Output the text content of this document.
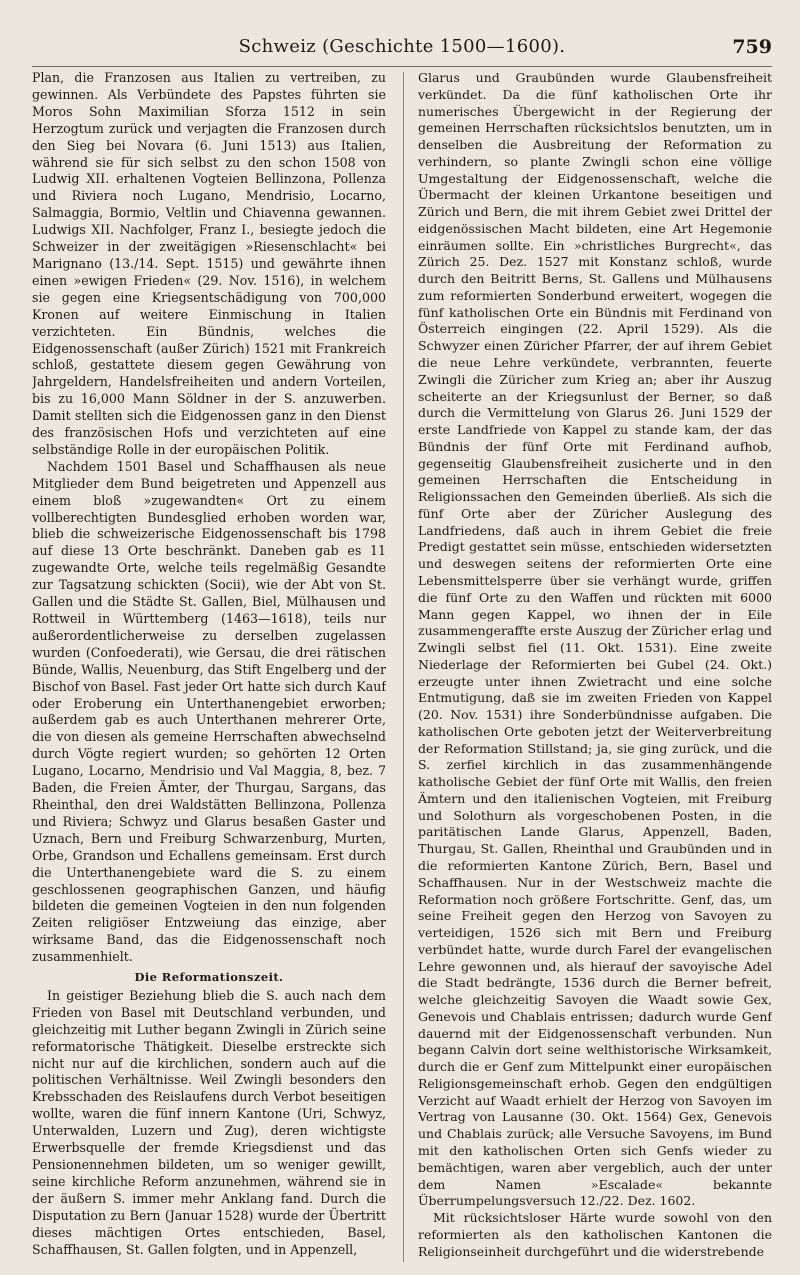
Schweiz (Geschichte 1500—1600).	759

Plan, die Franzosen aus Italien zu vertreiben, zu gewinnen. Als Verbündete des Papstes führten sie Moros Sohn Maximilian Sforza 1512 in sein Herzogtum zurück und verjagten die Franzosen durch den Sieg bei Novara (6. Juni 1513) aus Italien, während sie für sich selbst zu den schon 1508 von Ludwig XII. erhaltenen Vogteien Bellinzona, Pollenza und Riviera noch Lugano, Mendrisio, Locarno, Salmaggia, Bormio, Veltlin und Chiavenna gewannen. Ludwigs XII. Nachfolger, Franz I., besiegte jedoch die Schweizer in der zweitägigen »Riesenschlacht« bei Marignano (13./14. Sept. 1515) und gewährte ihnen einen »ewigen Frieden« (29. Nov. 1516), in welchem sie gegen eine Kriegsentschädigung von 700,000 Kronen auf weitere Einmischung in Italien verzichteten. Ein Bündnis, welches die Eidgenossenschaft (außer Zürich) 1521 mit Frankreich schloß, gestattete diesem gegen Gewährung von Jahrgeldern, Handelsfreiheiten und andern Vorteilen, bis zu 16,000 Mann Söldner in der S. anzuwerben. Damit stellten sich die Eidgenossen ganz in den Dienst des französischen Hofs und verzichteten auf eine selbständige Rolle in der europäischen Politik.

Nachdem 1501 Basel und Schaffhausen als neue Mitglieder dem Bund beigetreten und Appenzell aus einem bloß »zugewandten« Ort zu einem vollberechtigten Bundesglied erhoben worden war, blieb die schweizerische Eidgenossenschaft bis 1798 auf diese 13 Orte beschränkt. Daneben gab es 11 zugewandte Orte, welche teils regelmäßig Gesandte zur Tagsatzung schickten (Socii), wie der Abt von St. Gallen und die Städte St. Gallen, Biel, Mülhausen und Rottweil in Württemberg (1463—1618), teils nur außerordentlicherweise zu derselben zugelassen wurden (Confoederati), wie Gersau, die drei rätischen Bünde, Wallis, Neuenburg, das Stift Engelberg und der Bischof von Basel. Fast jeder Ort hatte sich durch Kauf oder Eroberung ein Unterthanengebiet erworben; außerdem gab es auch Unterthanen mehrerer Orte, die von diesen als gemeine Herrschaften abwechselnd durch Vögte regiert wurden; so gehörten 12 Orten Lugano, Locarno, Mendrisio und Val Maggia, 8, bez. 7 Baden, die Freien Ämter, der Thurgau, Sargans, das Rheinthal, den drei Waldstätten Bellinzona, Pollenza und Riviera; Schwyz und Glarus besaßen Gaster und Uznach, Bern und Freiburg Schwarzenburg, Murten, Orbe, Grandson und Echallens gemeinsam. Erst durch die Unterthanengebiete ward die S. zu einem geschlossenen geographischen Ganzen, und häufig bildeten die gemeinen Vogteien in den nun folgenden Zeiten religiöser Entzweiung das einzige, aber wirksame Band, das die Eidgenossenschaft noch zusammenhielt.

Die Reformationszeit.

In geistiger Beziehung blieb die S. auch nach dem Frieden von Basel mit Deutschland verbunden, und gleichzeitig mit Luther begann Zwingli in Zürich seine reformatorische Thätigkeit. Dieselbe erstreckte sich nicht nur auf die kirchlichen, sondern auch auf die politischen Verhältnisse. Weil Zwingli besonders den Krebsschaden des Reislaufens durch Verbot beseitigen wollte, waren die fünf innern Kantone (Uri, Schwyz, Unterwalden, Luzern und Zug), deren wichtigste Erwerbsquelle der fremde Kriegsdienst und das Pensionennehmen bildeten, um so weniger gewillt, seine kirchliche Reform anzunehmen, während sie in der äußern S. immer mehr Anklang fand. Durch die Disputation zu Bern (Januar 1528) wurde der Übertritt dieses mächtigen Ortes entschieden, Basel, Schaffhausen, St. Gallen folgten, und in Appenzell,

Glarus und Graubünden wurde Glaubensfreiheit verkündet. Da die fünf katholischen Orte ihr numerisches Übergewicht in der Regierung der gemeinen Herrschaften rücksichtslos benutzten, um in denselben die Ausbreitung der Reformation zu verhindern, so plante Zwingli schon eine völlige Umgestaltung der Eidgenossenschaft, welche die Übermacht der kleinen Urkantone beseitigen und Zürich und Bern, die mit ihrem Gebiet zwei Drittel der eidgenössischen Macht bildeten, eine Art Hegemonie einräumen sollte. Ein »christliches Burgrecht«, das Zürich 25. Dez. 1527 mit Konstanz schloß, wurde durch den Beitritt Berns, St. Gallens und Mülhausens zum reformierten Sonderbund erweitert, wogegen die fünf katholischen Orte ein Bündnis mit Ferdinand von Österreich eingingen (22. April 1529). Als die Schwyzer einen Züricher Pfarrer, der auf ihrem Gebiet die neue Lehre verkündete, verbrannten, feuerte Zwingli die Züricher zum Krieg an; aber ihr Auszug scheiterte an der Kriegsunlust der Berner, so daß durch die Vermittelung von Glarus 26. Juni 1529 der erste Landfriede von Kappel zu stande kam, der das Bündnis der fünf Orte mit Ferdinand aufhob, gegenseitig Glaubensfreiheit zusicherte und in den gemeinen Herrschaften die Entscheidung in Religionssachen den Gemeinden überließ. Als sich die fünf Orte aber der Züricher Auslegung des Landfriedens, daß auch in ihrem Gebiet die freie Predigt gestattet sein müsse, entschieden widersetzten und deswegen seitens der reformierten Orte eine Lebensmittelsperre über sie verhängt wurde, griffen die fünf Orte zu den Waffen und rückten mit 6000 Mann gegen Kappel, wo ihnen der in Eile zusammengeraffte erste Auszug der Züricher erlag und Zwingli selbst fiel (11. Okt. 1531). Eine zweite Niederlage der Reformierten bei Gubel (24. Okt.) erzeugte unter ihnen Zwietracht und eine solche Entmutigung, daß sie im zweiten Frieden von Kappel (20. Nov. 1531) ihre Sonderbündnisse aufgaben. Die katholischen Orte geboten jetzt der Weiterverbreitung der Reformation Stillstand; ja, sie ging zurück, und die S. zerfiel kirchlich in das zusammenhängende katholische Gebiet der fünf Orte mit Wallis, den freien Ämtern und den italienischen Vogteien, mit Freiburg und Solothurn als vorgeschobenen Posten, in die paritätischen Lande Glarus, Appenzell, Baden, Thurgau, St. Gallen, Rheinthal und Graubünden und in die reformierten Kantone Zürich, Bern, Basel und Schaffhausen. Nur in der Westschweiz machte die Reformation noch größere Fortschritte. Genf, das, um seine Freiheit gegen den Herzog von Savoyen zu verteidigen, 1526 sich mit Bern und Freiburg verbündet hatte, wurde durch Farel der evangelischen Lehre gewonnen und, als hierauf der savoyische Adel die Stadt bedrängte, 1536 durch die Berner befreit, welche gleichzeitig Savoyen die Waadt sowie Gex, Genevois und Chablais entrissen; dadurch wurde Genf dauernd mit der Eidgenossenschaft verbunden. Nun begann Calvin dort seine welthistorische Wirksamkeit, durch die er Genf zum Mittelpunkt einer europäischen Religionsgemeinschaft erhob. Gegen den endgültigen Verzicht auf Waadt erhielt der Herzog von Savoyen im Vertrag von Lausanne (30. Okt. 1564) Gex, Genevois und Chablais zurück; alle Versuche Savoyens, im Bund mit den katholischen Orten sich Genfs wieder zu bemächtigen, waren aber vergeblich, auch der unter dem Namen »Escalade« bekannte Überrumpelungsversuch 12./22. Dez. 1602.

Mit rücksichtsloser Härte wurde sowohl von den reformierten als den katholischen Kantonen die Religionseinheit durchgeführt und die widerstrebende
